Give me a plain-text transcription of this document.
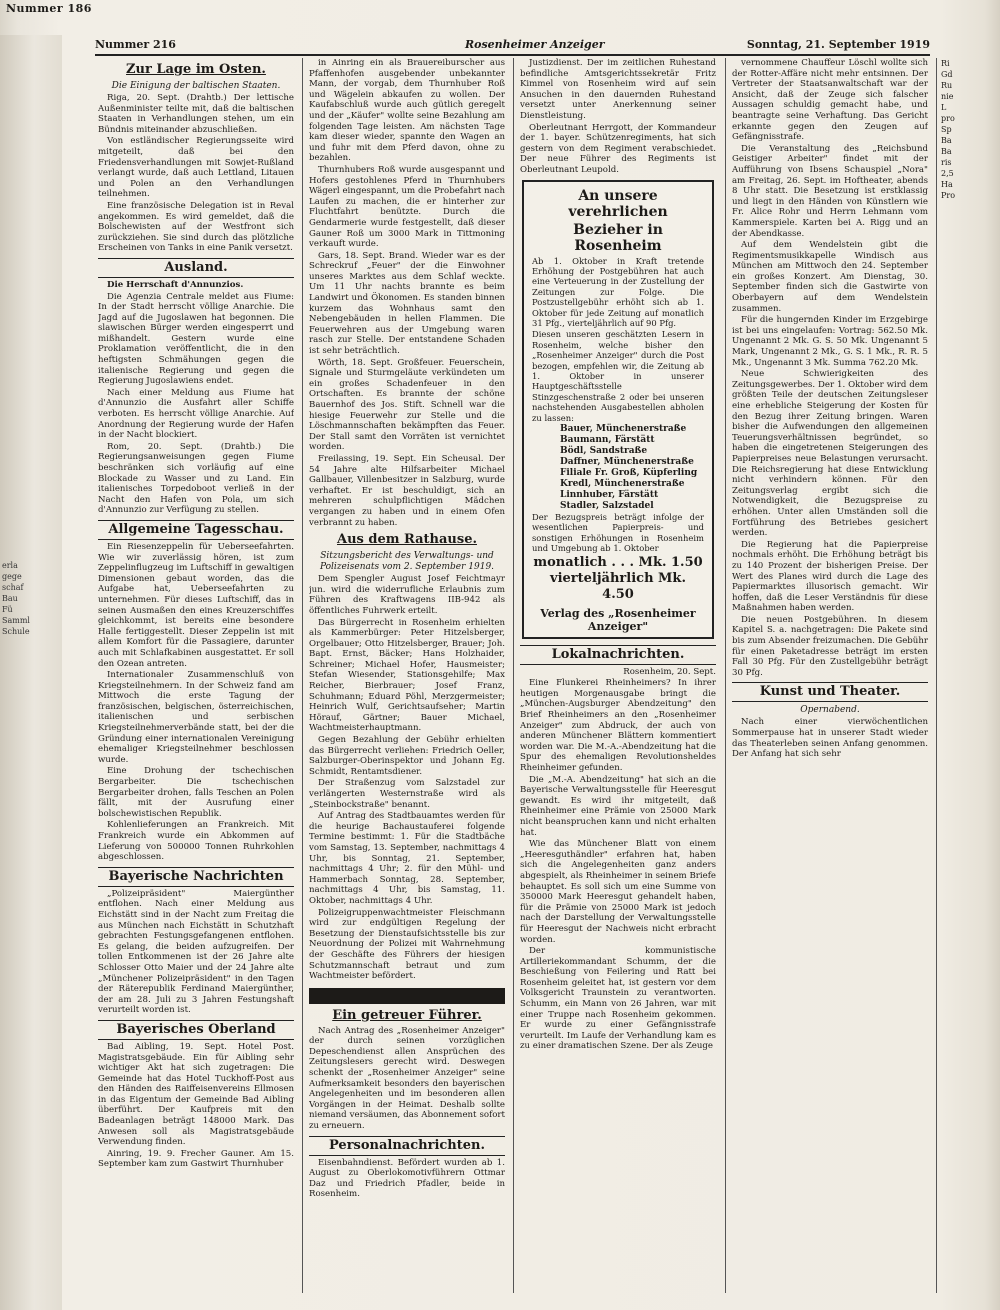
Nummer 186
Nummer 216	Rosenheimer Anzeiger	Sonntag, 21. September 1919
erla
gege
schaf
Bau
Fü
Samml
Schule
Zur Lage im Osten.
Die Einigung der baltischen Staaten.

Riga, 20. Sept. (Drahtb.) Der lettische Außenminister teilte mit, daß die baltischen Staaten in Verhandlungen stehen, um ein Bündnis miteinander abzuschließen.

Von estländischer Regierungsseite wird mitgeteilt, daß bei den Friedensverhandlungen mit Sowjet-Rußland verlangt wurde, daß auch Lettland, Litauen und Polen an den Verhandlungen teilnehmen.

Eine französische Delegation ist in Reval angekommen. Es wird gemeldet, daß die Bolschewisten auf der Westfront sich zurückziehen. Sie sind durch das plötzliche Erscheinen von Tanks in eine Panik versetzt.

Ausland.

Die Herrschaft d'Annunzios.

Die Agenzia Centrale meldet aus Fiume: In der Stadt herrscht völlige Anarchie. Die Jagd auf die Jugoslawen hat begonnen. Die slawischen Bürger werden eingesperrt und mißhandelt. Gestern wurde eine Proklamation veröffentlicht, die in den heftigsten Schmähungen gegen die italienische Regierung und gegen die Regierung Jugoslawiens endet.

Nach einer Meldung aus Fiume hat d'Annunzio die Ausfahrt aller Schiffe verboten. Es herrscht völlige Anarchie. Auf Anordnung der Regierung wurde der Hafen in der Nacht blockiert.

Rom, 20. Sept. (Drahtb.) Die Regierungsanweisungen gegen Fiume beschränken sich vorläufig auf eine Blockade zu Wasser und zu Land. Ein italienisches Torpedoboot verließ in der Nacht den Hafen von Pola, um sich d'Annunzio zur Verfügung zu stellen.

Allgemeine Tagesschau.

Ein Riesenzeppelin für Ueberseefahrten. Wie wir zuverlässig hören, ist zum Zeppelinflugzeug im Luftschiff in gewaltigen Dimensionen gebaut worden, das die Aufgabe hat, Ueberseefahrten zu unternehmen. Für dieses Luftschiff, das in seinen Ausmaßen den eines Kreuzerschiffes gleichkommt, ist bereits eine besondere Halle fertiggestellt. Dieser Zeppelin ist mit allem Komfort für die Passagiere, darunter auch mit Schlafkabinen ausgestattet. Er soll den Ozean antreten.

Internationaler Zusammenschluß von Kriegsteilnehmern. In der Schweiz fand am Mittwoch die erste Tagung der französischen, belgischen, österreichischen, italienischen und serbischen Kriegsteilnehmerverbände statt, bei der die Gründung einer internationalen Vereinigung ehemaliger Kriegsteilnehmer beschlossen wurde.

Eine Drohung der tschechischen Bergarbeiter. Die tschechischen Bergarbeiter drohen, falls Teschen an Polen fällt, mit der Ausrufung einer bolschewistischen Republik.

Kohlenlieferungen an Frankreich. Mit Frankreich wurde ein Abkommen auf Lieferung von 500000 Tonnen Ruhrkohlen abgeschlossen.

Bayerische Nachrichten

„Polizeipräsident" Maiergünther entflohen. Nach einer Meldung aus Eichstätt sind in der Nacht zum Freitag die aus München nach Eichstätt in Schutzhaft gebrachten Festungsgefangenen entflohen. Es gelang, die beiden aufzugreifen. Der tollen Entkommenen ist der 26 Jahre alte Schlosser Otto Maier und der 24 Jahre alte „Münchener Polizeipräsident" in den Tagen der Räterepublik Ferdinand Maiergünther, der am 28. Juli zu 3 Jahren Festungshaft verurteilt worden ist.

Bayerisches Oberland

Bad Aibling, 19. Sept. Hotel Post. Magistratsgebäude. Ein für Aibling sehr wichtiger Akt hat sich zugetragen: Die Gemeinde hat das Hotel Tuckhoff-Post aus den Händen des Raiffeisenvereins Ellmosen in das Eigentum der Gemeinde Bad Aibling überführt. Der Kaufpreis mit den Badeanlagen beträgt 148000 Mark. Das Anwesen soll als Magistratsgebäude Verwendung finden.

Ainring, 19. 9. Frecher Gauner. Am 15. September kam zum Gastwirt Thurnhuber

in Ainring ein als Brauereiburscher aus Pfaffenhofen ausgebender unbekannter Mann, der vorgab, dem Thurnhuber Roß und Wägelein abkaufen zu wollen. Der Kaufabschluß wurde auch gütlich geregelt und der „Käufer" wollte seine Bezahlung am folgenden Tage leisten. Am nächsten Tage kam dieser wieder, spannte den Wagen an und fuhr mit dem Pferd davon, ohne zu bezahlen.

Thurnhubers Roß wurde ausgespannt und Hofers gestohlenes Pferd in Thurnhubers Wägerl eingespannt, um die Probefahrt nach Laufen zu machen, die er hinterher zur Fluchtfahrt benützte. Durch die Gendarmerie wurde festgestellt, daß dieser Gauner Roß um 3000 Mark in Tittmoning verkauft wurde.

Gars, 18. Sept. Brand. Wieder war es der Schreckruf „Feuer" der die Einwohner unseres Marktes aus dem Schlaf weckte. Um 11 Uhr nachts brannte es beim Landwirt und Ökonomen. Es standen binnen kurzem das Wohnhaus samt den Nebengebäuden in hellen Flammen. Die Feuerwehren aus der Umgebung waren rasch zur Stelle. Der entstandene Schaden ist sehr beträchtlich.

Wörth, 18. Sept. Großfeuer. Feuerschein, Signale und Sturmgeläute verkündeten um ein großes Schadenfeuer in den Ortschaften. Es brannte der schöne Bauernhof des Jos. Stift. Schnell war die hiesige Feuerwehr zur Stelle und die Löschmannschaften bekämpften das Feuer. Der Stall samt den Vorräten ist vernichtet worden.

Freilassing, 19. Sept. Ein Scheusal. Der 54 Jahre alte Hilfsarbeiter Michael Gallbauer, Villenbesitzer in Salzburg, wurde verhaftet. Er ist beschuldigt, sich an mehreren schulpflichtigen Mädchen vergangen zu haben und in einem Ofen verbrannt zu haben.

Aus dem Rathause.
Sitzungsbericht des Verwaltungs- und Polizeisenats vom 2. September 1919.

Dem Spengler August Josef Feichtmayr jun. wird die widerrufliche Erlaubnis zum Führen des Kraftwagens IIB-942 als öffentliches Fuhrwerk erteilt.

Das Bürgerrecht in Rosenheim erhielten als Kammerbürger: Peter Hitzelsberger, Orgelbauer; Otto Hitzelsberger, Brauer; Joh. Bapt. Ernst, Bäcker; Hans Holzhaider, Schreiner; Michael Hofer, Hausmeister; Stefan Wiesender, Stationsgehilfe; Max Reicher, Bierbrauer; Josef Franz, Schuhmann; Eduard Pöhl, Merzgermeister; Heinrich Wulf, Gerichtsaufseher; Martin Hörauf, Gärtner; Bauer Michael, Wachtmeisterhauptmann.

Gegen Bezahlung der Gebühr erhielten das Bürgerrecht verliehen: Friedrich Oeller, Salzburger-Oberinspektor und Johann Eg. Schmidt, Rentamtsdiener.

Der Straßenzug vom Salzstadel zur verlängerten Westernstraße wird als „Steinbockstraße" benannt.

Auf Antrag des Stadtbauamtes werden für die heurige Bachaustauferei folgende Termine bestimmt: 1. Für die Stadtbäche vom Samstag, 13. September, nachmittags 4 Uhr, bis Sonntag, 21. September, nachmittags 4 Uhr; 2. für den Mühl- und Hammerbach Sonntag, 28. September, nachmittags 4 Uhr, bis Samstag, 11. Oktober, nachmittags 4 Uhr.

Polizeigruppenwachtmeister Fleischmann wird zur endgültigen Regelung der Besetzung der Dienstaufsichtsstelle bis zur Neuordnung der Polizei mit Wahrnehmung der Geschäfte des Führers der hiesigen Schutzmannschaft betraut und zum Wachtmeister befördert.

Ein getreuer Führer.

Nach Antrag des „Rosenheimer Anzeiger" der durch seinen vorzüglichen Depeschendienst allen Ansprüchen des Zeitungslesers gerecht wird. Deswegen schenkt der „Rosenheimer Anzeiger" seine Aufmerksamkeit besonders den bayerischen Angelegenheiten und im besonderen allen Vorgängen in der Heimat. Deshalb sollte niemand versäumen, das Abonnement sofort zu erneuern.

Personalnachrichten.

Eisenbahndienst. Befördert wurden ab 1. August zu Oberlokomotivführern Ottmar Daz und Friedrich Pfadler, beide in Rosenheim.

Justizdienst. Der im zeitlichen Ruhestand befindliche Amtsgerichtssekretär Fritz Kimmel von Rosenheim wird auf sein Ansuchen in den dauernden Ruhestand versetzt unter Anerkennung seiner Dienstleistung.

Oberleutnant Herrgott, der Kommandeur der 1. bayer. Schützenregiments, hat sich gestern von dem Regiment verabschiedet. Der neue Führer des Regiments ist Oberleutnant Leupold.

An unsere verehrlichen
Bezieher in Rosenheim

Ab 1. Oktober in Kraft tretende Erhöhung der Postgebühren hat auch eine Verteuerung in der Zustellung der Zeitungen zur Folge. Die Postzustellgebühr erhöht sich ab 1. Oktober für jede Zeitung auf monatlich 31 Pfg., vierteljährlich auf 90 Pfg.

Diesen unseren geschätzten Lesern in Rosenheim, welche bisher den „Rosenheimer Anzeiger" durch die Post bezogen, empfehlen wir, die Zeitung ab 1. Oktober in unserer Hauptgeschäftsstelle Stinzgeschenstraße 2 oder bei unseren nachstehenden Ausgabestellen abholen zu lassen:

Bauer, Münchenerstraße
Baumann, Färstätt
Bödl, Sandstraße
Daffner, Münchenerstraße
Filiale Fr. Groß, Küpferling
Kredl, Münchenerstraße
Linnhuber, Färstätt
Stadler, Salzstadel

Der Bezugspreis beträgt infolge der wesentlichen Papierpreis- und sonstigen Erhöhungen in Rosenheim und Umgebung ab 1. Oktober

monatlich . . . Mk. 1.50
vierteljährlich Mk. 4.50
Verlag des „Rosenheimer Anzeiger"
Lokalnachrichten.

Rosenheim, 20. Sept.

Eine Flunkerei Rheinheimers? In ihrer heutigen Morgenausgabe bringt die „München-Augsburger Abendzeitung" den Brief Rheinheimers an den „Rosenheimer Anzeiger" zum Abdruck, der auch von anderen Münchener Blättern kommentiert worden war. Die M.-A.-Abendzeitung hat die Spur des ehemaligen Revolutionsheldes Rheinheimer gefunden.

Die „M.-A. Abendzeitung" hat sich an die Bayerische Verwaltungsstelle für Heeresgut gewandt. Es wird ihr mitgeteilt, daß Rheinheimer eine Prämie von 25000 Mark nicht beanspruchen kann und nicht erhalten hat.

Wie das Münchener Blatt von einem „Heeresguthändler" erfahren hat, haben sich die Angelegenheiten ganz anders abgespielt, als Rheinheimer in seinem Briefe behauptet. Es soll sich um eine Summe von 350000 Mark Heeresgut gehandelt haben, für die Prämie von 25000 Mark ist jedoch nach der Darstellung der Verwaltungsstelle für Heeresgut der Nachweis nicht erbracht worden.

Der kommunistische Artilleriekommandant Schumm, der die Beschießung von Feilering und Ratt bei Rosenheim geleitet hat, ist gestern vor dem Volksgericht Traunstein zu verantworten. Schumm, ein Mann von 26 Jahren, war mit einer Truppe nach Rosenheim gekommen. Er wurde zu einer Gefängnisstrafe verurteilt. Im Laufe der Verhandlung kam es zu einer dramatischen Szene. Der als Zeuge

vernommene Chauffeur Löschl wollte sich der Rotter-Affäre nicht mehr entsinnen. Der Vertreter der Staatsanwaltschaft war der Ansicht, daß der Zeuge sich falscher Aussagen schuldig gemacht habe, und beantragte seine Verhaftung. Das Gericht erkannte gegen den Zeugen auf Gefängnisstrafe.

Die Veranstaltung des „Reichsbund Geistiger Arbeiter" findet mit der Aufführung von Ibsens Schauspiel „Nora" am Freitag, 26. Sept. im Hoftheater, abends 8 Uhr statt. Die Besetzung ist erstklassig und liegt in den Händen von Künstlern wie Fr. Alice Rohr und Herrn Lehmann vom Kammerspiele. Karten bei A. Rigg und an der Abendkasse.

Auf dem Wendelstein gibt die Regimentsmusikkapelle Windisch aus München am Mittwoch den 24. September ein großes Konzert. Am Dienstag, 30. September finden sich die Gastwirte von Oberbayern auf dem Wendelstein zusammen.

Für die hungernden Kinder im Erzgebirge ist bei uns eingelaufen: Vortrag: 562.50 Mk. Ungenannt 2 Mk. G. S. 50 Mk. Ungenannt 5 Mark, Ungenannt 2 Mk., G. S. 1 Mk., R. R. 5 Mk., Ungenannt 3 Mk. Summa 762.20 Mk.

Neue Schwierigkeiten des Zeitungsgewerbes. Der 1. Oktober wird dem größten Teile der deutschen Zeitungsleser eine erhebliche Steigerung der Kosten für den Bezug ihrer Zeitung bringen. Waren bisher die Aufwendungen den allgemeinen Teuerungsverhältnissen begründet, so haben die eingetretenen Steigerungen des Papierpreises neue Belastungen verursacht. Die Reichsregierung hat diese Entwicklung nicht verhindern können. Für den Zeitungsverlag ergibt sich die Notwendigkeit, die Bezugspreise zu erhöhen. Unter allen Umständen soll die Fortführung des Betriebes gesichert werden.

Die Regierung hat die Papierpreise nochmals erhöht. Die Erhöhung beträgt bis zu 140 Prozent der bisherigen Preise. Der Wert des Planes wird durch die Lage des Papiermarktes illusorisch gemacht. Wir hoffen, daß die Leser Verständnis für diese Maßnahmen haben werden.

Die neuen Postgebühren. In diesem Kapitel S. a. nachgetragen: Die Pakete sind bis zum Absender freizumachen. Die Gebühr für einen Paketadresse beträgt im ersten Fall 30 Pfg. Für den Zustellgebühr beträgt 30 Pfg.

Kunst und Theater.
Opernabend.

Nach einer vierwöchentlichen Sommerpause hat in unserer Stadt wieder das Theaterleben seinen Anfang genommen. Der Anfang hat sich sehr

Ri
Gd
Ru
nie
L
pro
Sp
Ba
Ba
ris
2,5
Ha
Pro
